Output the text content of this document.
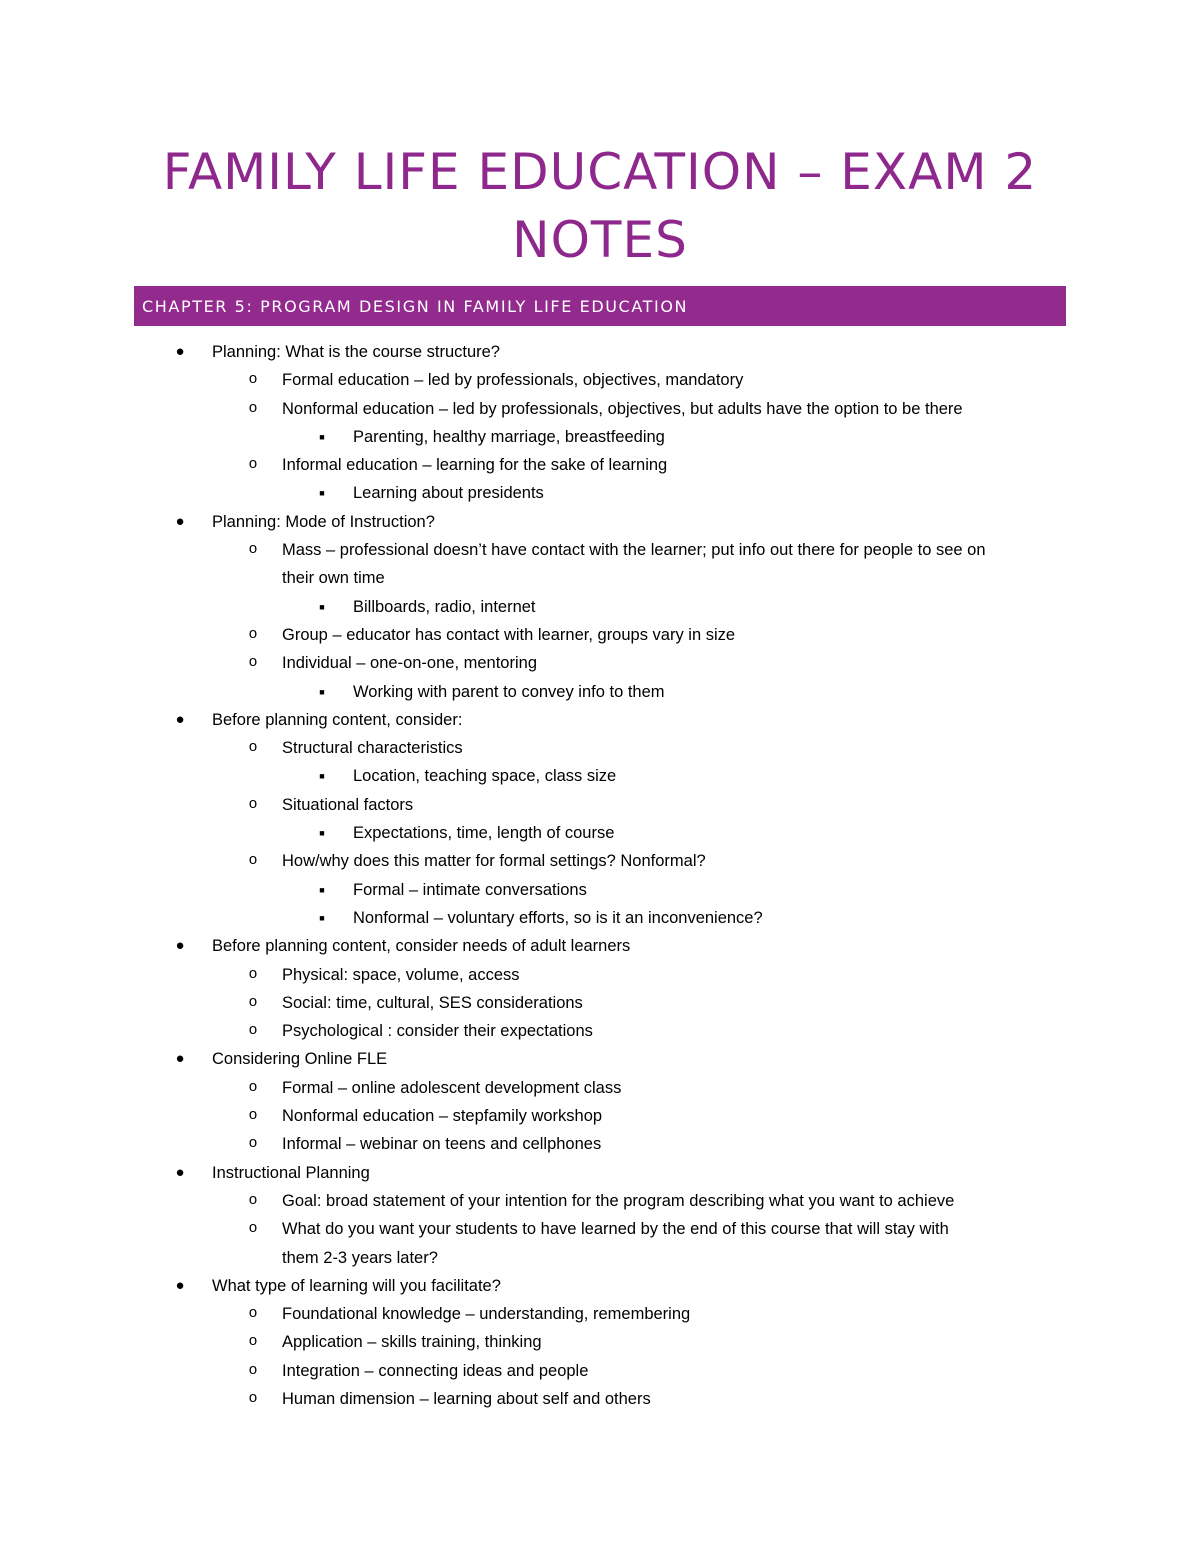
FAMILY LIFE EDUCATION – EXAM 2
NOTES
CHAPTER 5: PROGRAM DESIGN IN FAMILY LIFE EDUCATION
●	Planning: What is the course structure?
o	Formal education – led by professionals, objectives, mandatory
o	Nonformal education – led by professionals, objectives, but adults have the option to be there
■	Parenting, healthy marriage, breastfeeding
o	Informal education – learning for the sake of learning
■	Learning about presidents
●	Planning: Mode of Instruction?
o	Mass – professional doesn’t have contact with the learner; put info out there for people to see on
their own time
■	Billboards, radio, internet
o	Group – educator has contact with learner, groups vary in size
o	Individual – one-on-one, mentoring
■	Working with parent to convey info to them
●	Before planning content, consider:
o	Structural characteristics
■	Location, teaching space, class size
o	Situational factors
■	Expectations, time, length of course
o	How/why does this matter for formal settings? Nonformal?
■	Formal – intimate conversations
■	Nonformal – voluntary efforts, so is it an inconvenience?
●	Before planning content, consider needs of adult learners
o	Physical: space, volume, access
o	Social: time, cultural, SES considerations
o	Psychological : consider their expectations
●	Considering Online FLE
o	Formal – online adolescent development class
o	Nonformal education – stepfamily workshop
o	Informal – webinar on teens and cellphones
●	Instructional Planning
o	Goal: broad statement of your intention for the program describing what you want to achieve
o	What do you want your students to have learned by the end of this course that will stay with
them 2-3 years later?
●	What type of learning will you facilitate?
o	Foundational knowledge – understanding, remembering
o	Application – skills training, thinking
o	Integration – connecting ideas and people
o	Human dimension – learning about self and others
